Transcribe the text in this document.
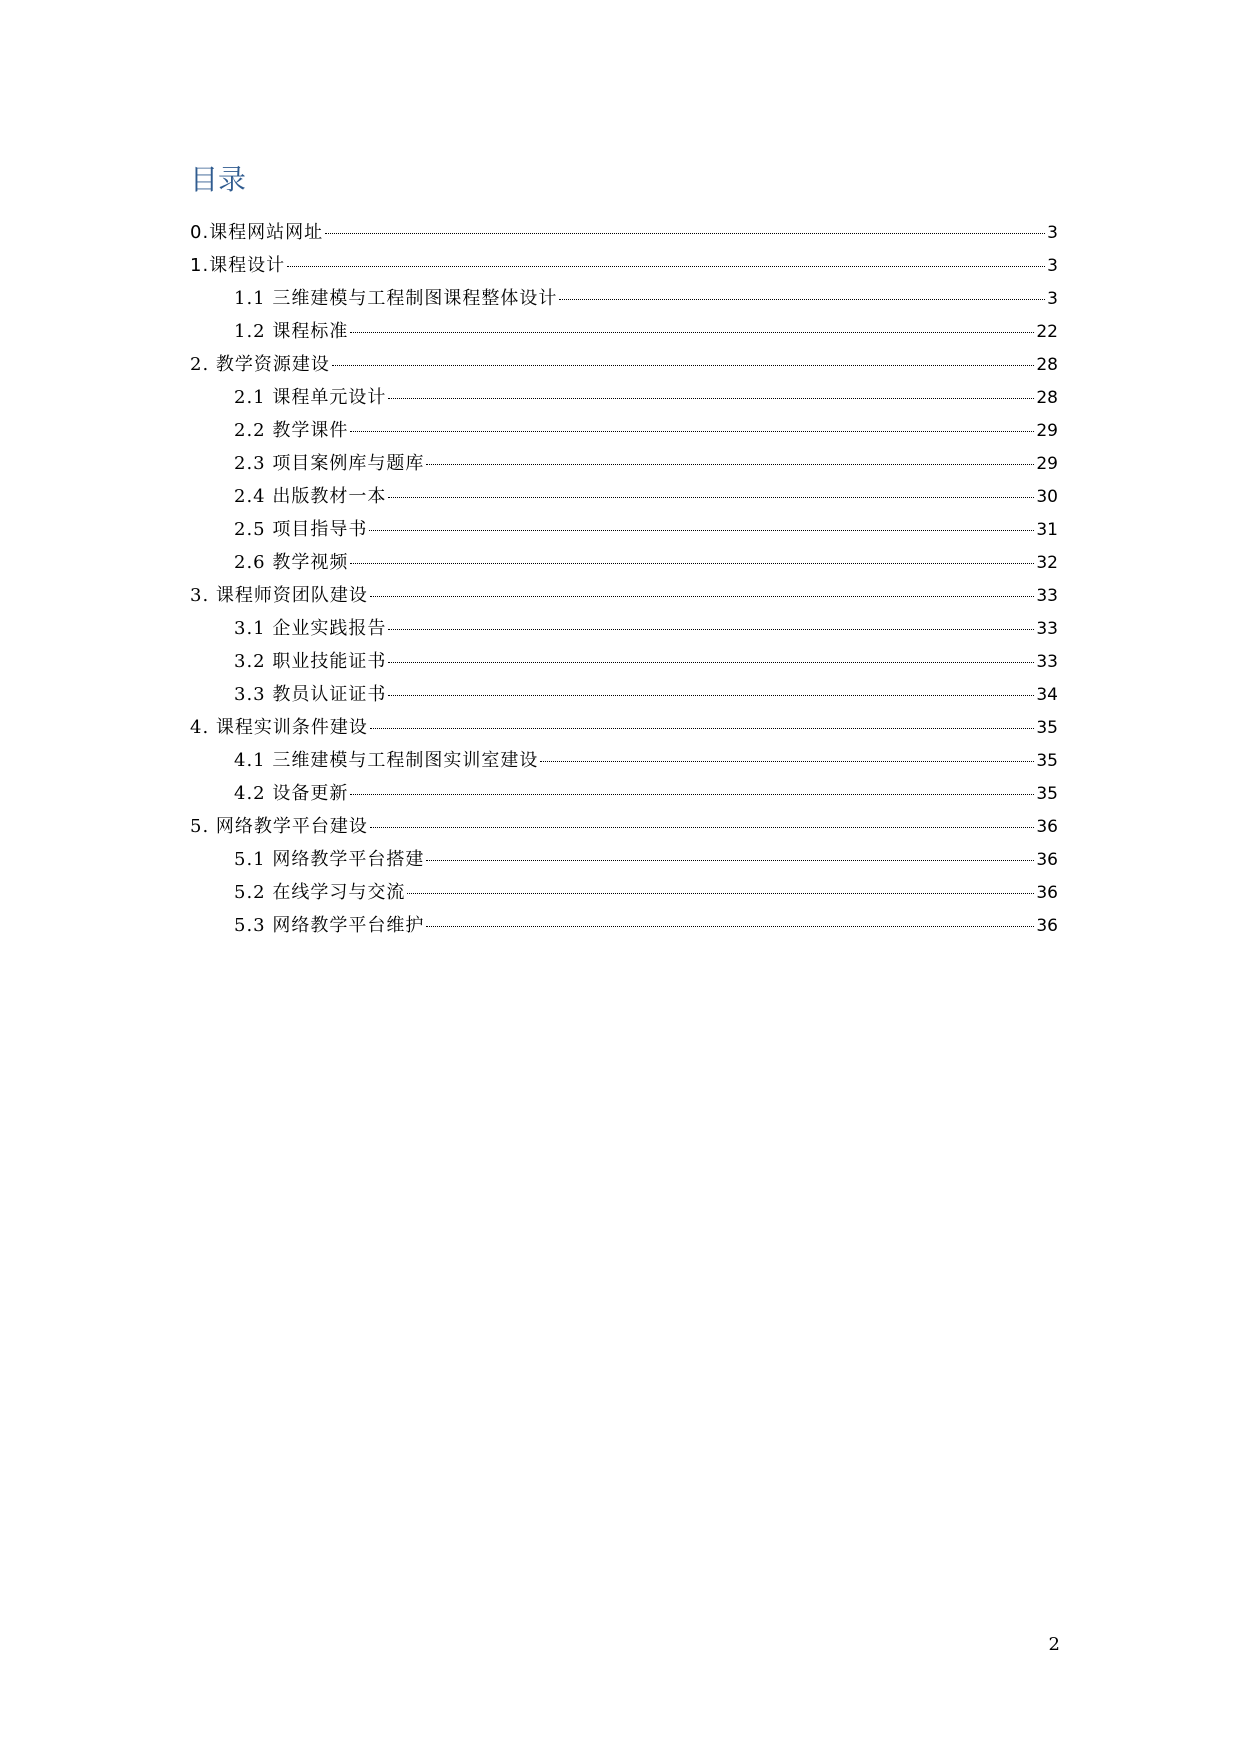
目录
0.课程网站网址	3
1.课程设计	3
1.1 三维建模与工程制图课程整体设计	3
1.2 课程标准	22
2. 教学资源建设	28
2.1 课程单元设计	28
2.2 教学课件	29
2.3 项目案例库与题库	29
2.4 出版教材一本	30
2.5 项目指导书	31
2.6 教学视频	32
3. 课程师资团队建设	33
3.1 企业实践报告	33
3.2 职业技能证书	33
3.3 教员认证证书	34
4. 课程实训条件建设	35
4.1 三维建模与工程制图实训室建设	35
4.2 设备更新	35
5. 网络教学平台建设	36
5.1 网络教学平台搭建	36
5.2 在线学习与交流	36
5.3 网络教学平台维护	36
2
